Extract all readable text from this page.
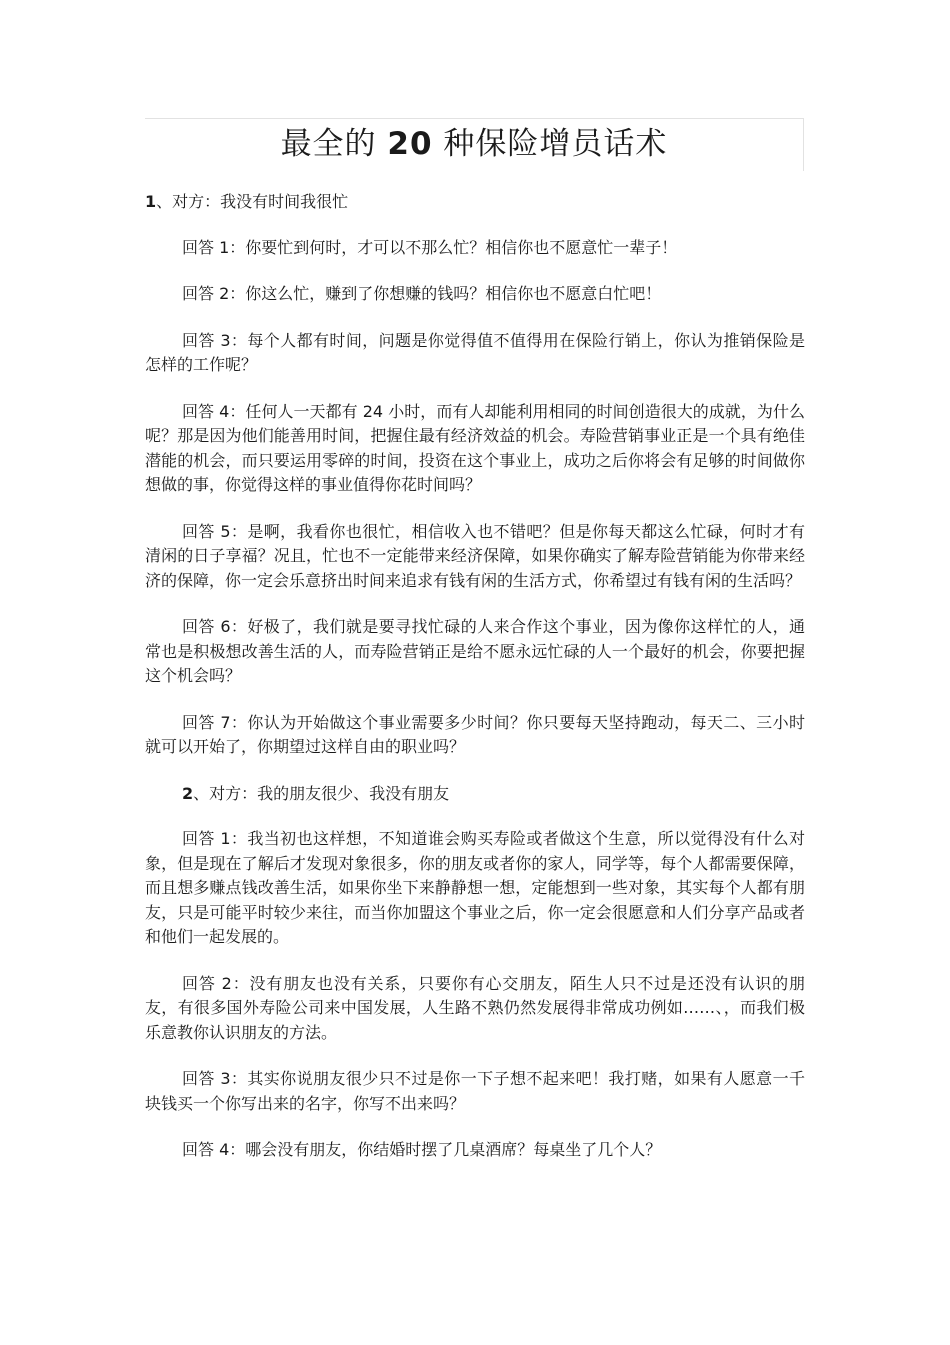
最全的 20 种保险增员话术

1、对方：我没有时间我很忙

回答 1：你要忙到何时，才可以不那么忙？相信你也不愿意忙一辈子！

回答 2：你这么忙，赚到了你想赚的钱吗？相信你也不愿意白忙吧！

回答 3：每个人都有时间，问题是你觉得值不值得用在保险行销上，你认为推销保险是怎样的工作呢？

回答 4：任何人一天都有 24 小时，而有人却能利用相同的时间创造很大的成就，为什么呢？那是因为他们能善用时间，把握住最有经济效益的机会。寿险营销事业正是一个具有绝佳潜能的机会，而只要运用零碎的时间，投资在这个事业上，成功之后你将会有足够的时间做你想做的事，你觉得这样的事业值得你花时间吗？

回答 5：是啊，我看你也很忙，相信收入也不错吧？但是你每天都这么忙碌，何时才有清闲的日子享福？况且，忙也不一定能带来经济保障，如果你确实了解寿险营销能为你带来经济的保障，你一定会乐意挤出时间来追求有钱有闲的生活方式，你希望过有钱有闲的生活吗？

回答 6：好极了，我们就是要寻找忙碌的人来合作这个事业，因为像你这样忙的人，通常也是积极想改善生活的人，而寿险营销正是给不愿永远忙碌的人一个最好的机会，你要把握这个机会吗？

回答 7：你认为开始做这个事业需要多少时间？你只要每天坚持跑动，每天二、三小时就可以开始了，你期望过这样自由的职业吗？

2、对方：我的朋友很少、我没有朋友

回答 1：我当初也这样想，不知道谁会购买寿险或者做这个生意，所以觉得没有什么对象，但是现在了解后才发现对象很多，你的朋友或者你的家人，同学等，每个人都需要保障，而且想多赚点钱改善生活，如果你坐下来静静想一想，定能想到一些对象，其实每个人都有朋友，只是可能平时较少来往，而当你加盟这个事业之后，你一定会很愿意和人们分享产品或者和他们一起发展的。

回答 2：没有朋友也没有关系，只要你有心交朋友，陌生人只不过是还没有认识的朋友，有很多国外寿险公司来中国发展，人生路不熟仍然发展得非常成功例如……、，而我们极乐意教你认识朋友的方法。

回答 3：其实你说朋友很少只不过是你一下子想不起来吧！我打赌，如果有人愿意一千块钱买一个你写出来的名字，你写不出来吗？

回答 4：哪会没有朋友，你结婚时摆了几桌酒席？每桌坐了几个人？
